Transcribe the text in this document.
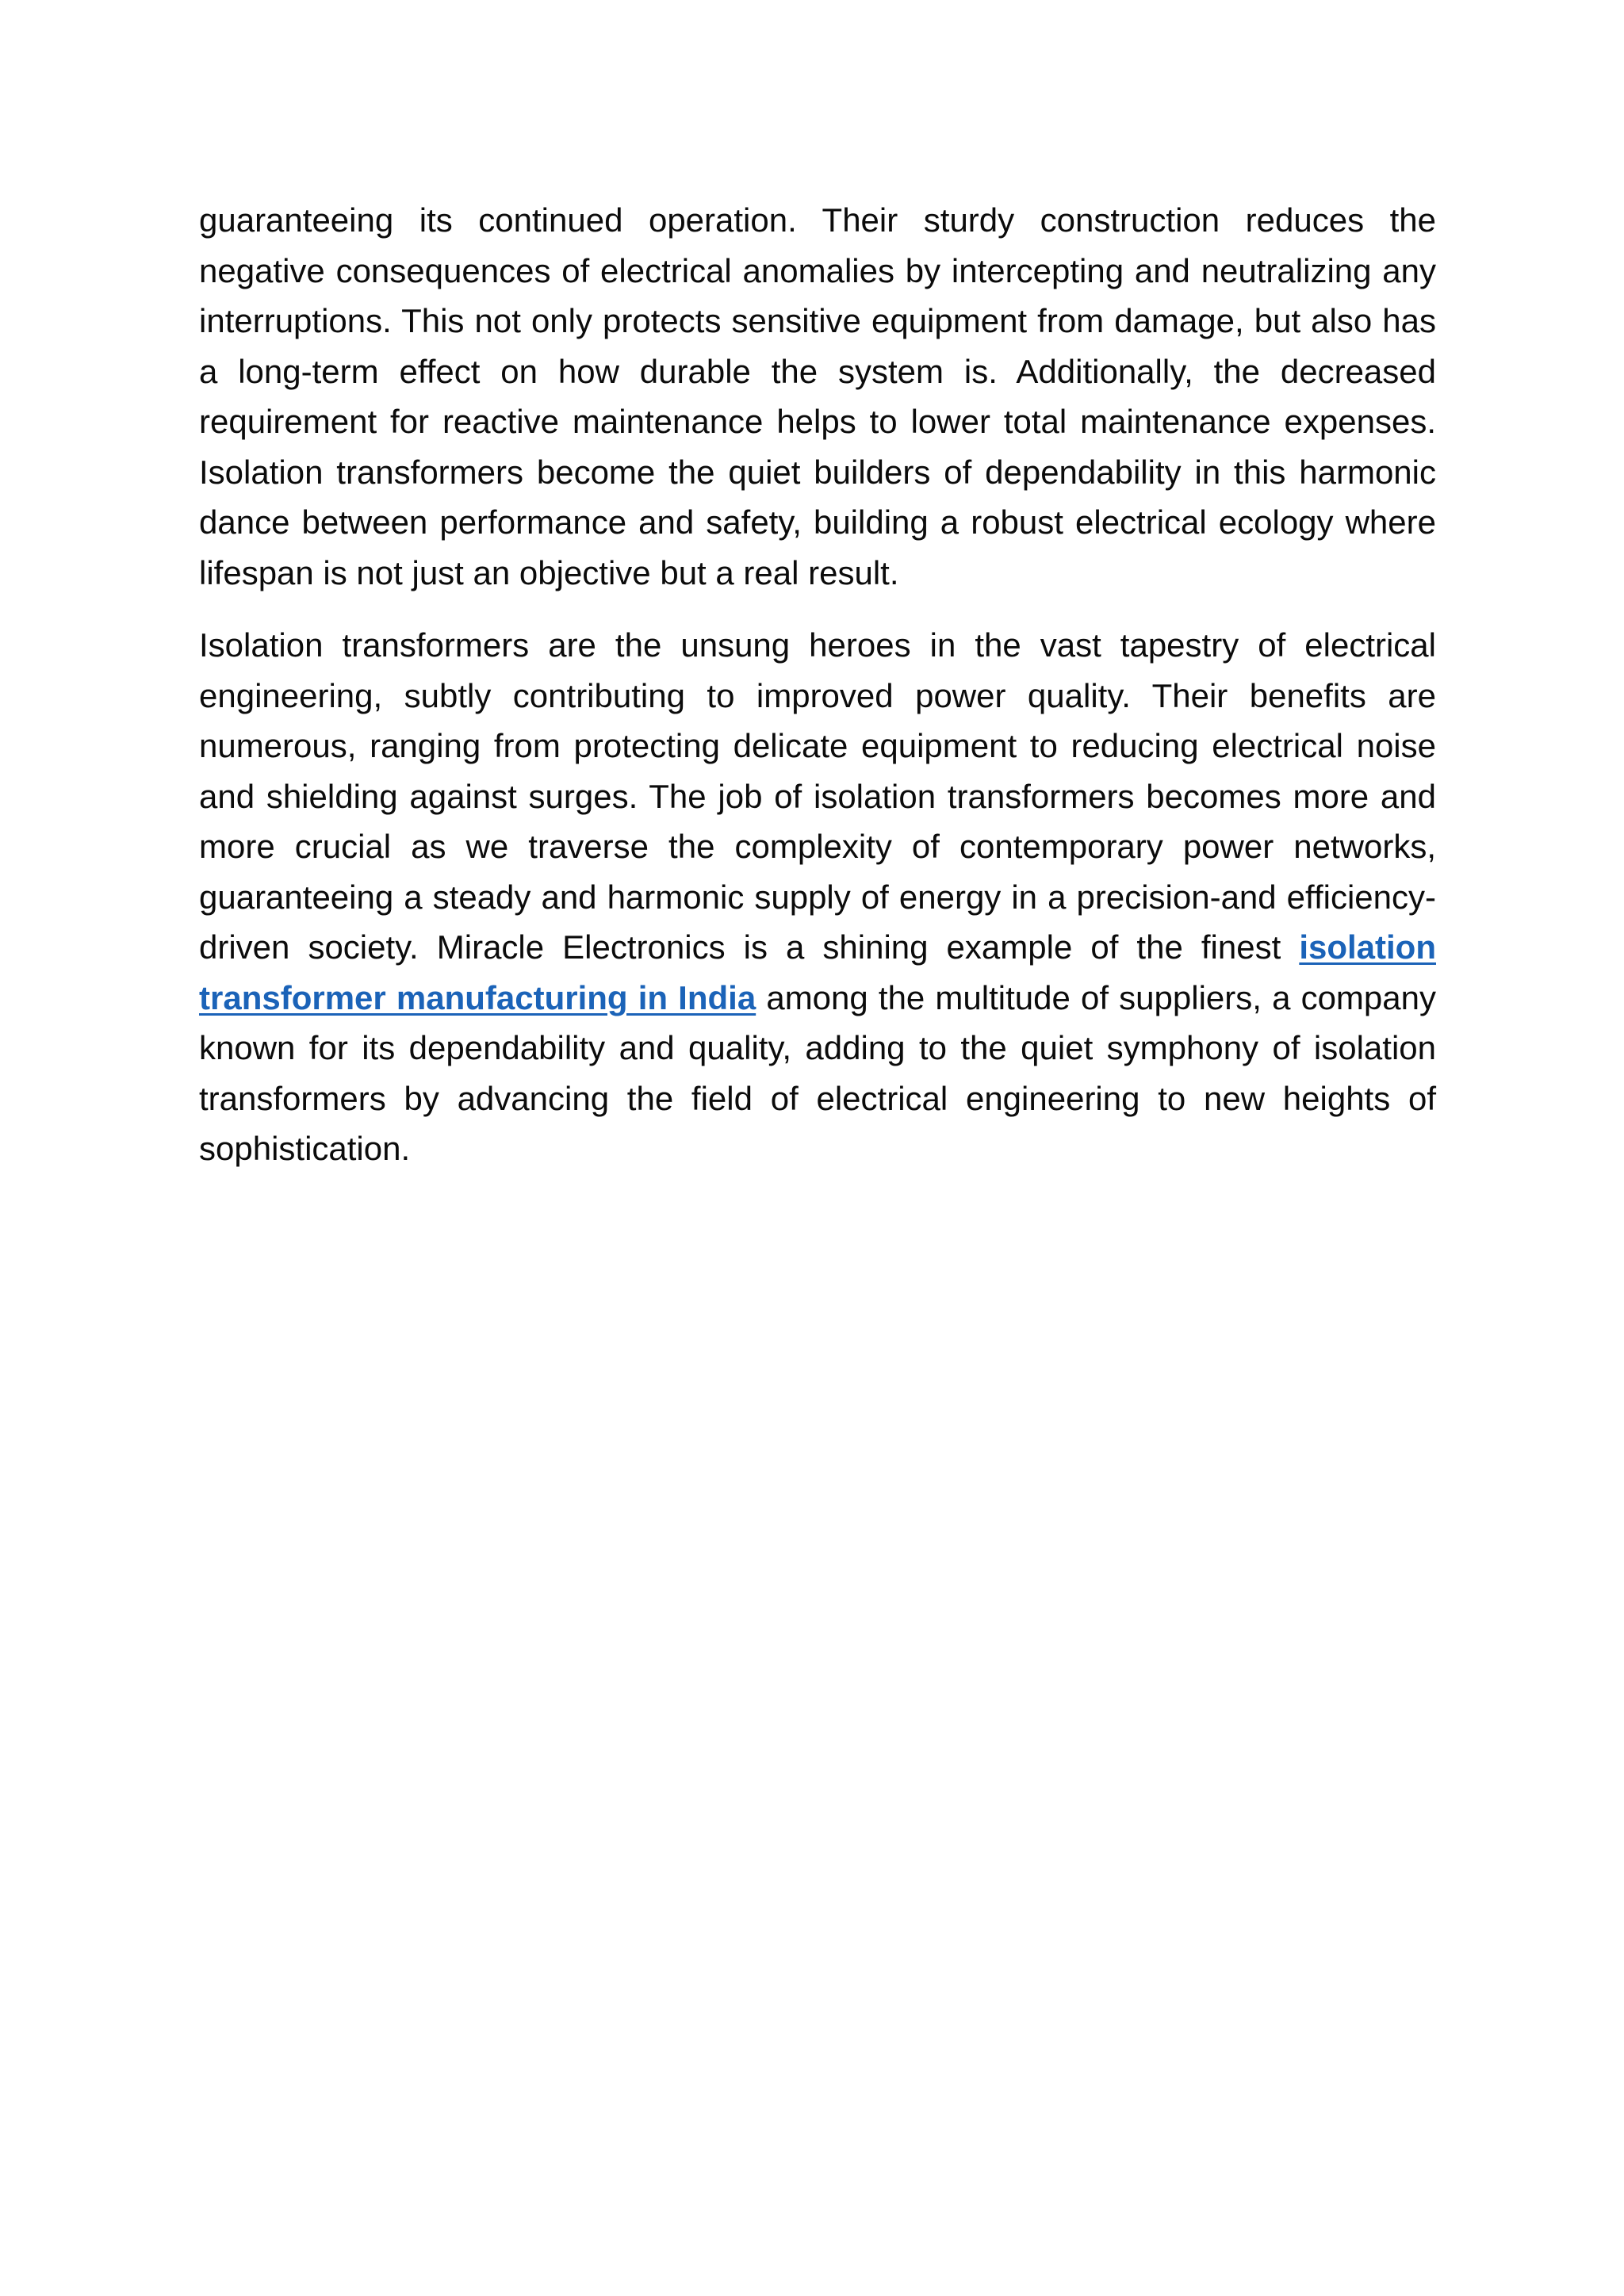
guaranteeing its continued operation. Their sturdy construction reduces the negative consequences of electrical anomalies by intercepting and neutralizing any interruptions. This not only protects sensitive equipment from damage, but also has a long-term effect on how durable the system is. Additionally, the decreased requirement for reactive maintenance helps to lower total maintenance expenses. Isolation transformers become the quiet builders of dependability in this harmonic dance between performance and safety, building a robust electrical ecology where lifespan is not just an objective but a real result.

Isolation transformers are the unsung heroes in the vast tapestry of electrical engineering, subtly contributing to improved power quality. Their benefits are numerous, ranging from protecting delicate equipment to reducing electrical noise and shielding against surges. The job of isolation transformers becomes more and more crucial as we traverse the complexity of contemporary power networks, guaranteeing a steady and harmonic supply of energy in a precision-and efficiency-driven society. Miracle Electronics is a shining example of the finest isolation transformer manufacturing in India among the multitude of suppliers, a company known for its dependability and quality, adding to the quiet symphony of isolation transformers by advancing the field of electrical engineering to new heights of sophistication.
